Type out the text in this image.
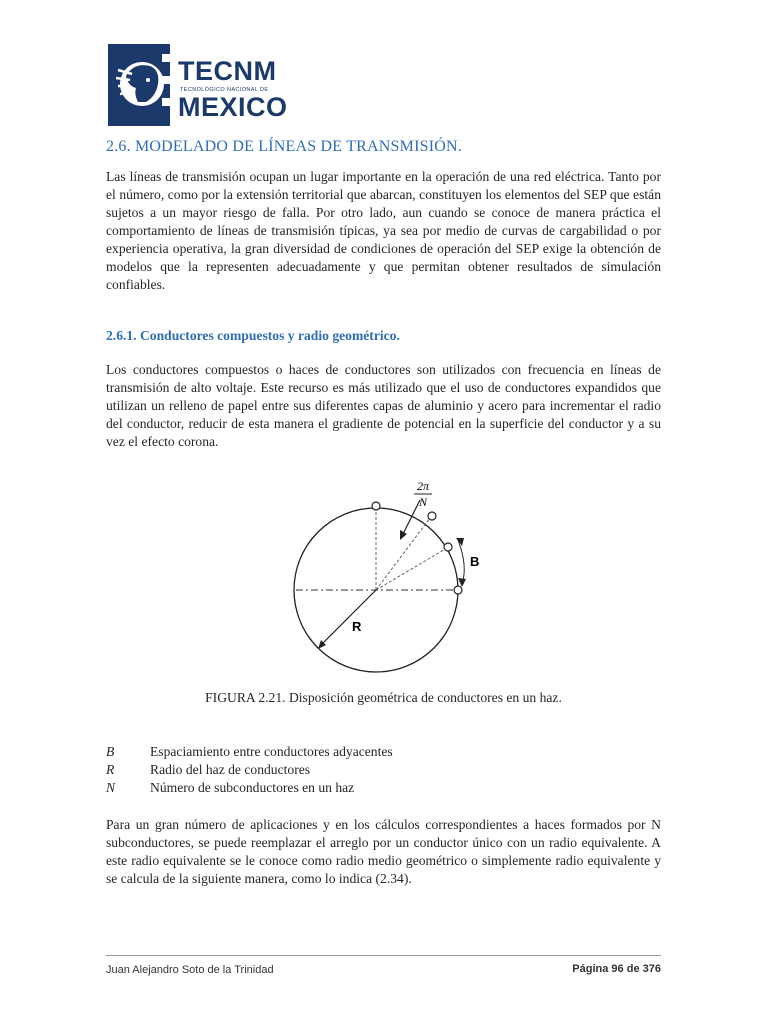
TECNM
TECNOLÓGICO NACIONAL DE
MEXICO
2.6. MODELADO DE LÍNEAS DE TRANSMISIÓN.

Las líneas de transmisión ocupan un lugar importante en la operación de una red eléctrica. Tanto por el número, como por la extensión territorial que abarcan, constituyen los elementos del SEP que están sujetos a un mayor riesgo de falla. Por otro lado, aun cuando se conoce de manera práctica el comportamiento de líneas de transmisión típicas, ya sea por medio de curvas de cargabilidad o por experiencia operativa, la gran diversidad de condiciones de operación del SEP exige la obtención de modelos que la representen adecuadamente y que permitan obtener resultados de simulación confiables.

2.6.1. Conductores compuestos y radio geométrico.

Los conductores compuestos o haces de conductores son utilizados con frecuencia en líneas de transmisión de alto voltaje. Este recurso es más utilizado que el uso de conductores expandidos que utilizan un relleno de papel entre sus diferentes capas de aluminio y acero para incrementar el radio del conductor, reducir de esta manera el gradiente de potencial en la superficie del conductor y a su vez el efecto corona.

2π
N
B
R
FIGURA 2.21. Disposición geométrica de conductores en un haz.
B	Espaciamiento entre conductores adyacentes
R	Radio del haz de conductores
N	Número de subconductores en un haz

Para un gran número de aplicaciones y en los cálculos correspondientes a haces formados por N subconductores, se puede reemplazar el arreglo por un conductor único con un radio equivalente. A este radio equivalente se le conoce como radio medio geométrico o simplemente radio equivalente y se calcula de la siguiente manera, como lo indica (2.34).

Juan Alejandro Soto de la Trinidad	Página 96 de 376
